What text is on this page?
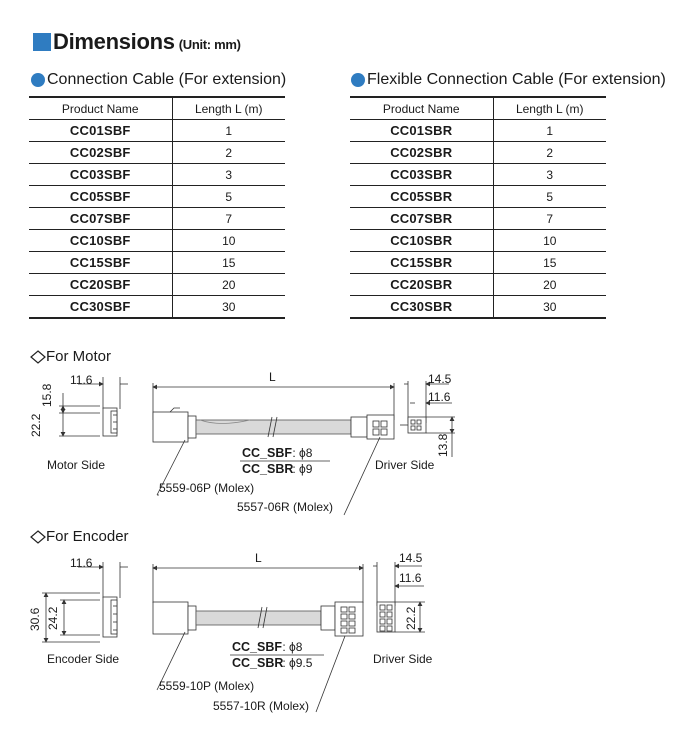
Dimensions (Unit: mm)
Connection Cable (For extension)
Product Name	Length L (m)
CC01SBF	1
CC02SBF	2
CC03SBF	3
CC05SBF	5
CC07SBF	7
CC10SBF	10
CC15SBF	15
CC20SBF	20
CC30SBF	30
Flexible Connection Cable (For extension)
Product Name	Length L (m)
CC01SBR	1
CC02SBR	2
CC03SBR	3
CC05SBR	5
CC07SBR	7
CC10SBR	10
CC15SBR	15
CC20SBR	20
CC30SBR	30
For Motor
11.6
15.8
22.2
L	14.5
11.6
13.8
Motor Side	Driver Side
CC_SBF
: ϕ8
CC_SBR
: ϕ9
5559-06P (Molex)
5557-06R (Molex)
For Encoder
11.6
30.6 24.2
L	14.5
11.6
22.2
Encoder Side	Driver Side
CC_SBF
: ϕ8
CC_SBR
: ϕ9.5
5559-10P (Molex)
5557-10R (Molex)
